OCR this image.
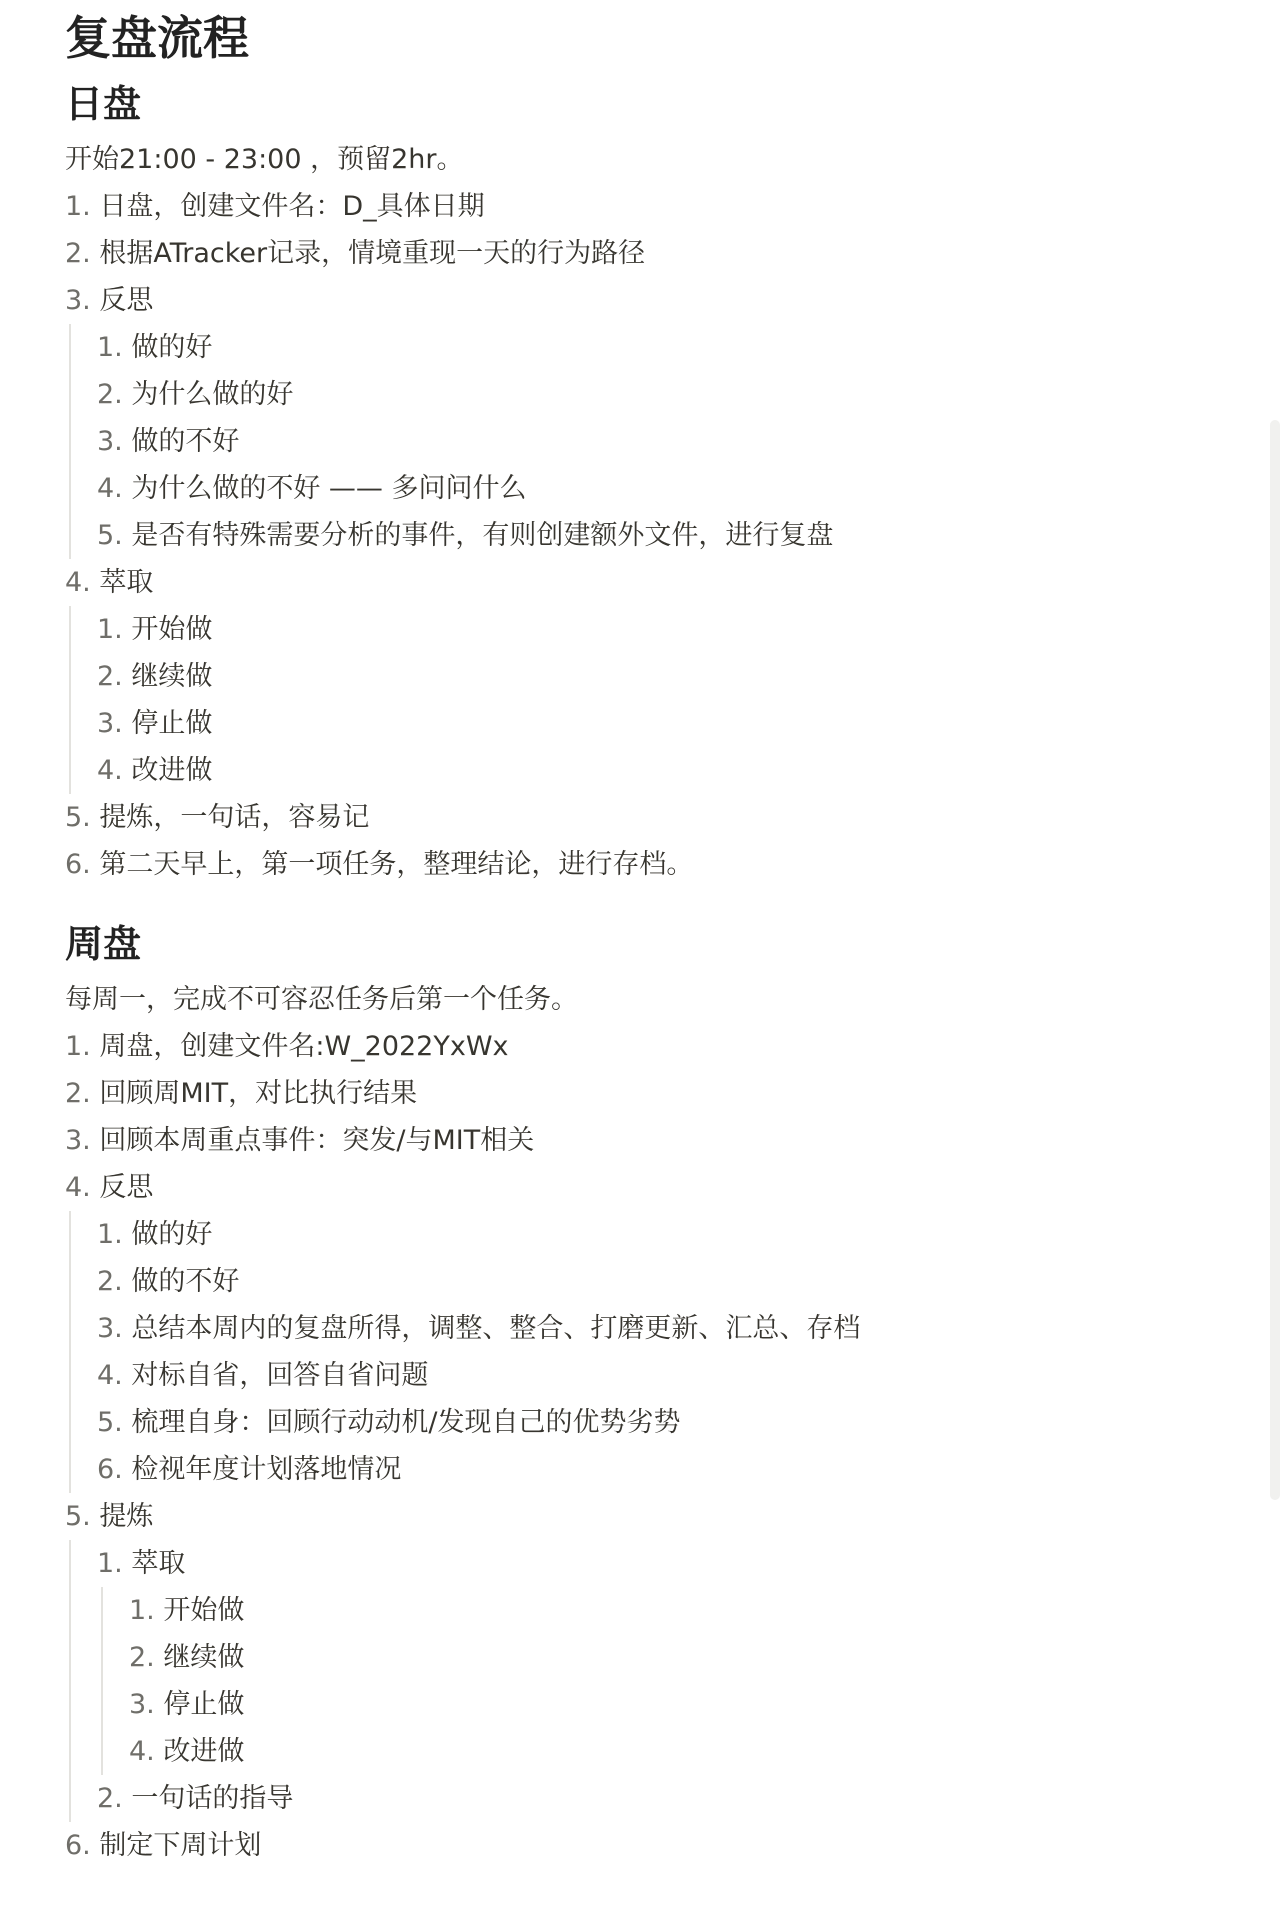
复盘流程
日盘

开始21:00 - 23:00 ，预留2hr。

1. 日盘，创建文件名：D_具体日期
2. 根据ATracker记录，情境重现一天的行为路径
3. 反思
1. 做的好
2. 为什么做的好
3. 做的不好
4. 为什么做的不好 —— 多问问什么
5. 是否有特殊需要分析的事件，有则创建额外文件，进行复盘
4. 萃取
1. 开始做
2. 继续做
3. 停止做
4. 改进做
5. 提炼，一句话，容易记
6. 第二天早上，第一项任务，整理结论，进行存档。
周盘

每周一，完成不可容忍任务后第一个任务。

1. 周盘，创建文件名:W_2022YxWx
2. 回顾周MIT，对比执行结果
3. 回顾本周重点事件：突发/与MIT相关
4. 反思
1. 做的好
2. 做的不好
3. 总结本周内的复盘所得，调整、整合、打磨更新、汇总、存档
4. 对标自省，回答自省问题
5. 梳理自身：回顾行动动机/发现自己的优势劣势
6. 检视年度计划落地情况
5. 提炼
1. 萃取
1. 开始做
2. 继续做
3. 停止做
4. 改进做
2. 一句话的指导
6. 制定下周计划
